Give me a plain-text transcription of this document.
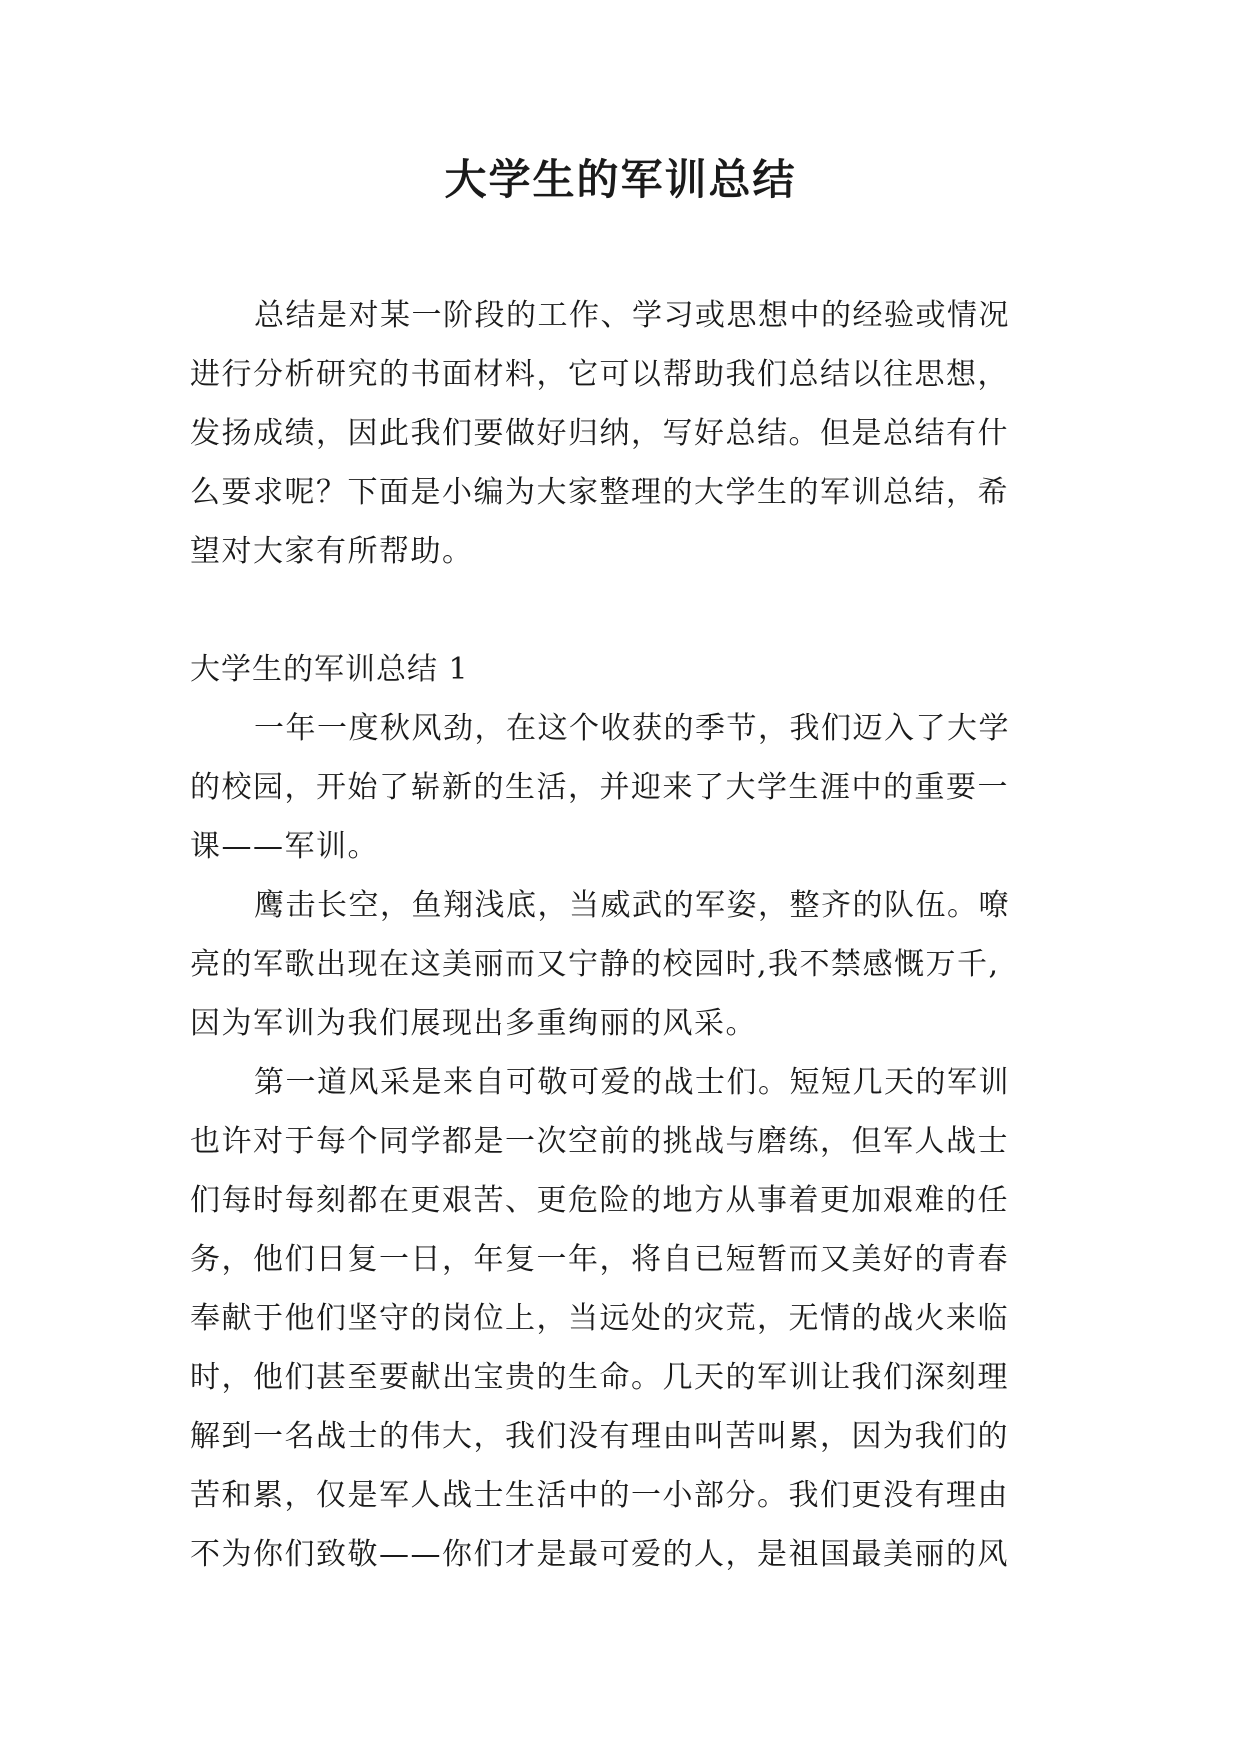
大学生的军训总结

总结是对某一阶段的工作、学习或思想中的经验或情况
进行分析研究的书面材料，它可以帮助我们总结以往思想，
发扬成绩，因此我们要做好归纳，写好总结。但是总结有什
么要求呢？下面是小编为大家整理的大学生的军训总结，希
望对大家有所帮助。

大学生的军训总结 1

一年一度秋风劲，在这个收获的季节，我们迈入了大学
的校园，开始了崭新的生活，并迎来了大学生涯中的重要一
课——军训。

鹰击长空，鱼翔浅底，当威武的军姿，整齐的队伍。嘹
亮的军歌出现在这美丽而又宁静的校园时,我不禁感慨万千,
因为军训为我们展现出多重绚丽的风采。

第一道风采是来自可敬可爱的战士们。短短几天的军训
也许对于每个同学都是一次空前的挑战与磨练，但军人战士
们每时每刻都在更艰苦、更危险的地方从事着更加艰难的任
务，他们日复一日，年复一年，将自已短暂而又美好的青春
奉献于他们坚守的岗位上，当远处的灾荒，无情的战火来临
时，他们甚至要献出宝贵的生命。几天的军训让我们深刻理
解到一名战士的伟大，我们没有理由叫苦叫累，因为我们的
苦和累，仅是军人战士生活中的一小部分。我们更没有理由
不为你们致敬——你们才是最可爱的人，是祖国最美丽的风
